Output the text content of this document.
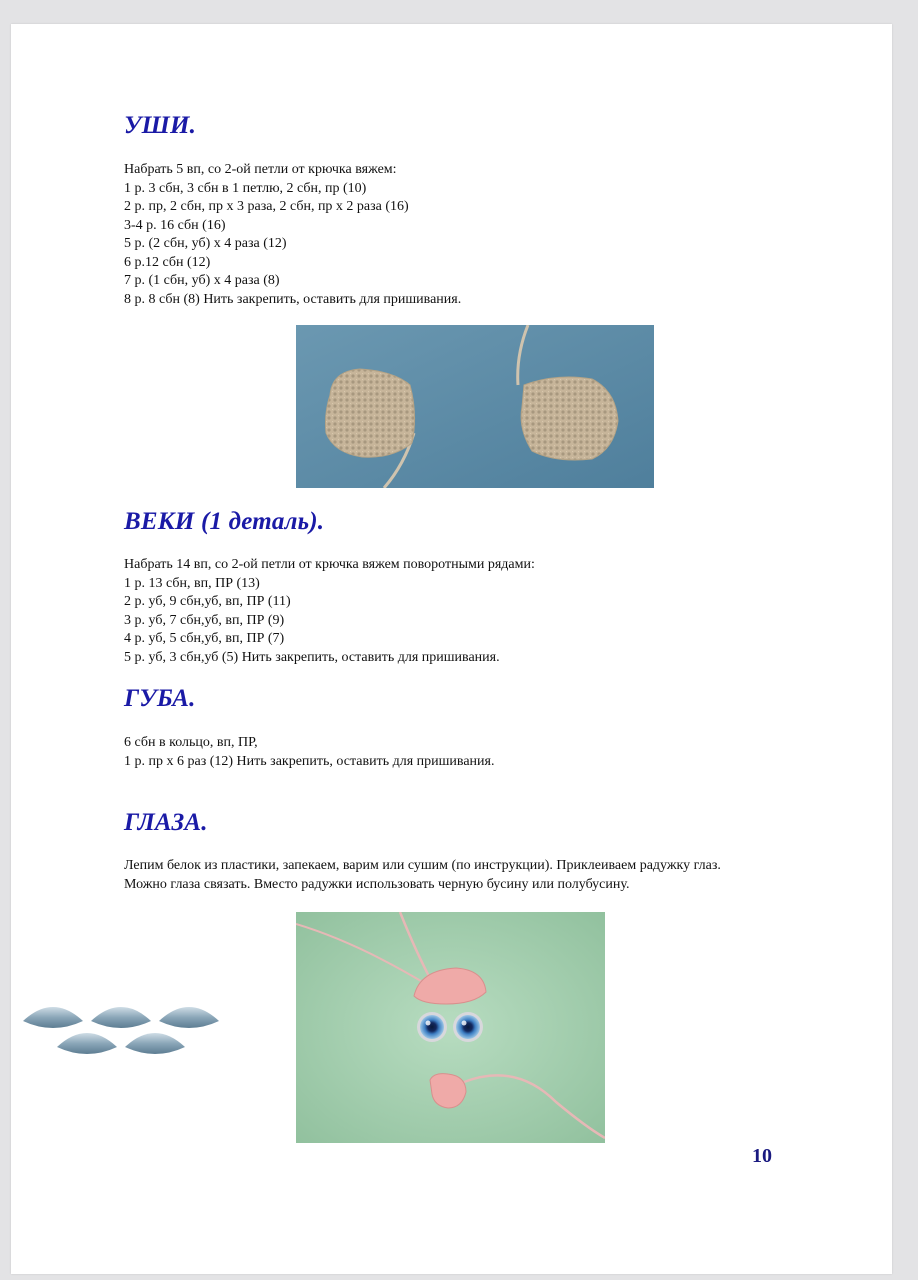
УШИ.
Набрать 5 вп, со 2-ой петли от крючка вяжем:
1 р. 3 сбн, 3 сбн в 1 петлю, 2 сбн, пр (10)
2 р. пр, 2 сбн, пр х 3 раза, 2 сбн, пр х 2 раза (16)
3-4 р. 16 сбн (16)
5 р. (2 сбн, уб) х 4 раза (12)
6 р.12 сбн (12)
7 р. (1 сбн, уб) х 4 раза (8)
8 р. 8 сбн (8) Нить закрепить, оставить для пришивания.
ВЕКИ (1 деталь).
Набрать 14 вп, со 2-ой петли от крючка вяжем поворотными рядами:
1 р. 13 сбн, вп, ПР (13)
2 р. уб, 9 сбн,уб, вп, ПР (11)
3 р. уб, 7 сбн,уб, вп, ПР (9)
4 р. уб, 5 сбн,уб, вп, ПР (7)
5 р. уб, 3 сбн,уб (5) Нить закрепить, оставить для пришивания.
ГУБА.
6 сбн в кольцо, вп, ПР,
1 р. пр х 6 раз (12) Нить закрепить, оставить для пришивания.
ГЛАЗА.
Лепим белок из пластики, запекаем, варим или сушим (по инструкции). Приклеиваем радужку глаз.
Можно глаза связать. Вместо радужки использовать черную бусину или полубусину.
10
